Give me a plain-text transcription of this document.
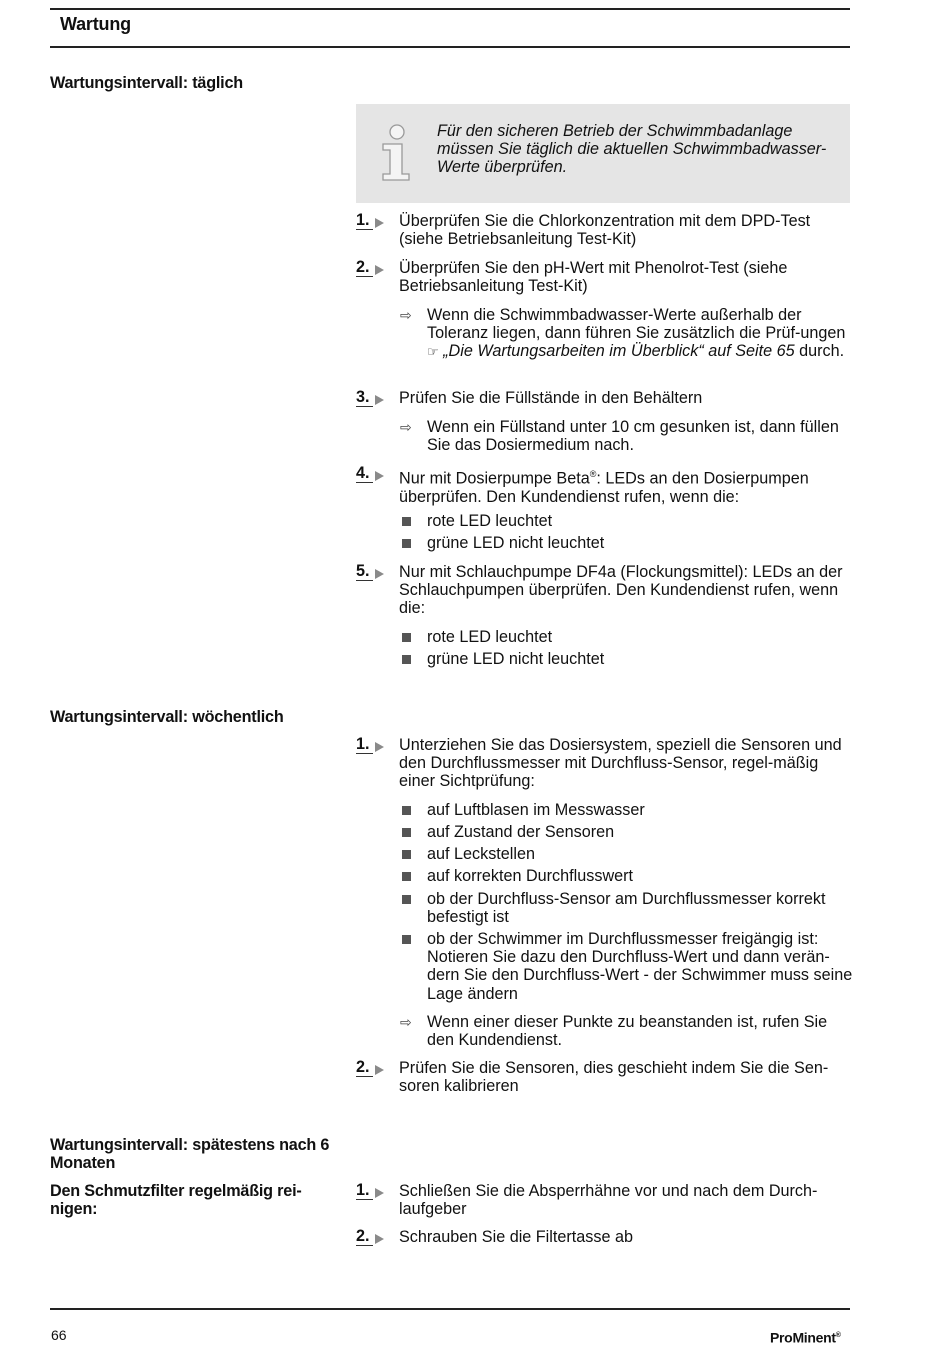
Wartung
Wartungsintervall: täglich
Für den sicheren Betrieb der Schwimmbadanlage müssen Sie täglich die aktuellen Schwimmbadwasser-Werte überprüfen.
1. Überprüfen Sie die Chlorkonzentration mit dem DPD-Test (siehe Betriebsanleitung Test-Kit)
2. Überprüfen Sie den pH-Wert mit Phenolrot-Test (siehe Betriebsanleitung Test-Kit)
⇨ Wenn die Schwimmbadwasser-Werte außerhalb der Toleranz liegen, dann führen Sie zusätzlich die Prüf-ungen ☞ „Die Wartungsarbeiten im Überblick“ auf Seite 65 durch.
3. Prüfen Sie die Füllstände in den Behältern
⇨ Wenn ein Füllstand unter 10 cm gesunken ist, dann füllen Sie das Dosiermedium nach.
4. Nur mit Dosierpumpe Beta®: LEDs an den Dosierpumpen überprüfen. Den Kundendienst rufen, wenn die:
rote LED leuchtet
grüne LED nicht leuchtet
5. Nur mit Schlauchpumpe DF4a (Flockungsmittel): LEDs an der Schlauchpumpen überprüfen. Den Kundendienst rufen, wenn die:
rote LED leuchtet
grüne LED nicht leuchtet
Wartungsintervall: wöchentlich
1. Unterziehen Sie das Dosiersystem, speziell die Sensoren und den Durchflussmesser mit Durchfluss-Sensor, regel-mäßig einer Sichtprüfung:
auf Luftblasen im Messwasser
auf Zustand der Sensoren
auf Leckstellen
auf korrekten Durchflusswert
ob der Durchfluss-Sensor am Durchflussmesser korrekt befestigt ist
ob der Schwimmer im Durchflussmesser freigängig ist: Notieren Sie dazu den Durchfluss-Wert und dann verän-dern Sie den Durchfluss-Wert - der Schwimmer muss seine Lage ändern
⇨ Wenn einer dieser Punkte zu beanstanden ist, rufen Sie den Kundendienst.
2. Prüfen Sie die Sensoren, dies geschieht indem Sie die Sen-soren kalibrieren
Wartungsintervall: spätestens nach 6 Monaten
Den Schmutzfilter regelmäßig rei-nigen:
1. Schließen Sie die Absperrhähne vor und nach dem Durch-laufgeber
2. Schrauben Sie die Filtertasse ab
66	ProMinent®
